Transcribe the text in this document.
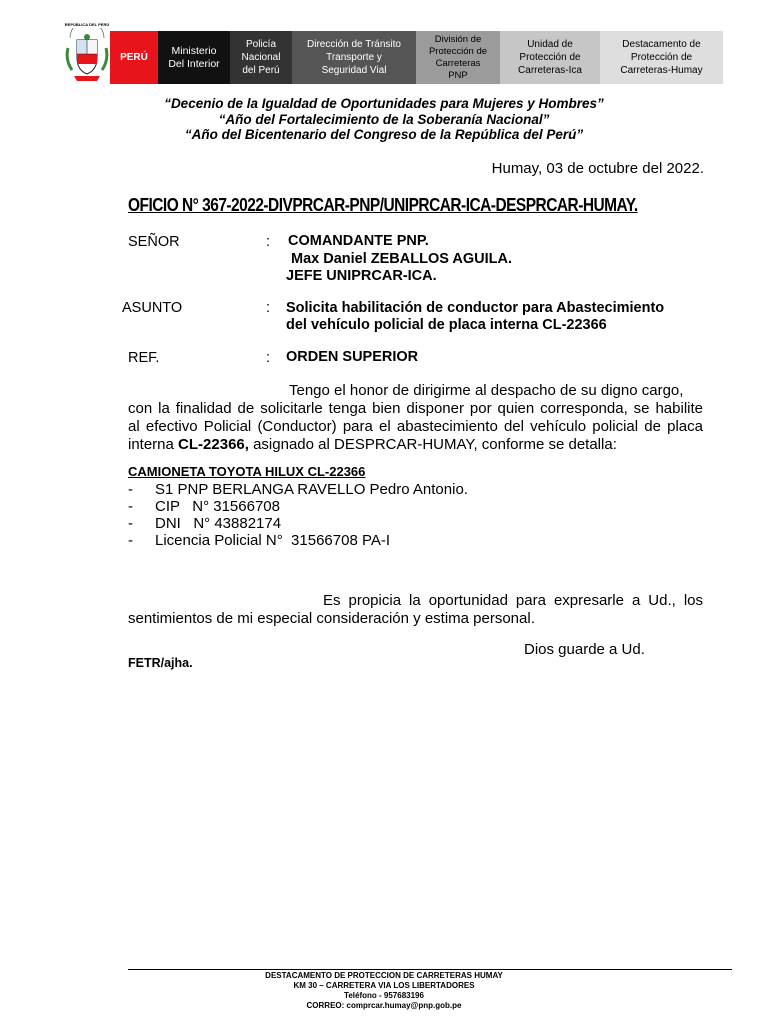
REPÚBLICA DEL PERÚ
PERÚ
Ministerio
Del Interior
Policía
Nacional
del Perú
Dirección de Tránsito
Transporte y
Seguridad Vial
División de
Protección de
Carreteras
PNP
Unidad de
Protección de
Carreteras-Ica
Destacamento de
Protección de
Carreteras-Humay
“Decenio de la Igualdad de Oportunidades para Mujeres y Hombres”
“Año del Fortalecimiento de la Soberanía Nacional”
“Año del Bicentenario del Congreso de la República del Perú”
Humay, 03 de octubre del 2022.
OFICIO N° 367-2022-DIVPRCAR-PNP/UNIPRCAR-ICA-DESPRCAR-HUMAY.
SEÑOR	: COMANDANTE PNP.
Max Daniel ZEBALLOS AGUILA.
JEFE UNIPRCAR-ICA.
ASUNTO	: Solicita habilitación de conductor para Abastecimiento
del vehículo policial de placa interna CL-22366
REF.	: ORDEN SUPERIOR
Tengo el honor de dirigirme al despacho de su digno cargo,
con la finalidad de solicitarle tenga bien disponer por quien corresponda, se habilite
al efectivo Policial (Conductor) para el abastecimiento del vehículo policial de placa
interna CL-22366, asignado al DESPRCAR-HUMAY, conforme se detalla:
CAMIONETA TOYOTA HILUX CL-22366
- S1 PNP BERLANGA RAVELLO Pedro Antonio.
- CIP   N° 31566708
- DNI   N° 43882174
- Licencia Policial N°  31566708 PA-I
Es propicia la oportunidad para expresarle a Ud., los
sentimientos de mi especial consideración y estima personal.
Dios guarde a Ud.
FETR/ajha.
DESTACAMENTO DE PROTECCION DE CARRETERAS HUMAY
KM 30 – CARRETERA VIA LOS LIBERTADORES
Teléfono - 957683196
CORREO: comprcar.humay@pnp.gob.pe
